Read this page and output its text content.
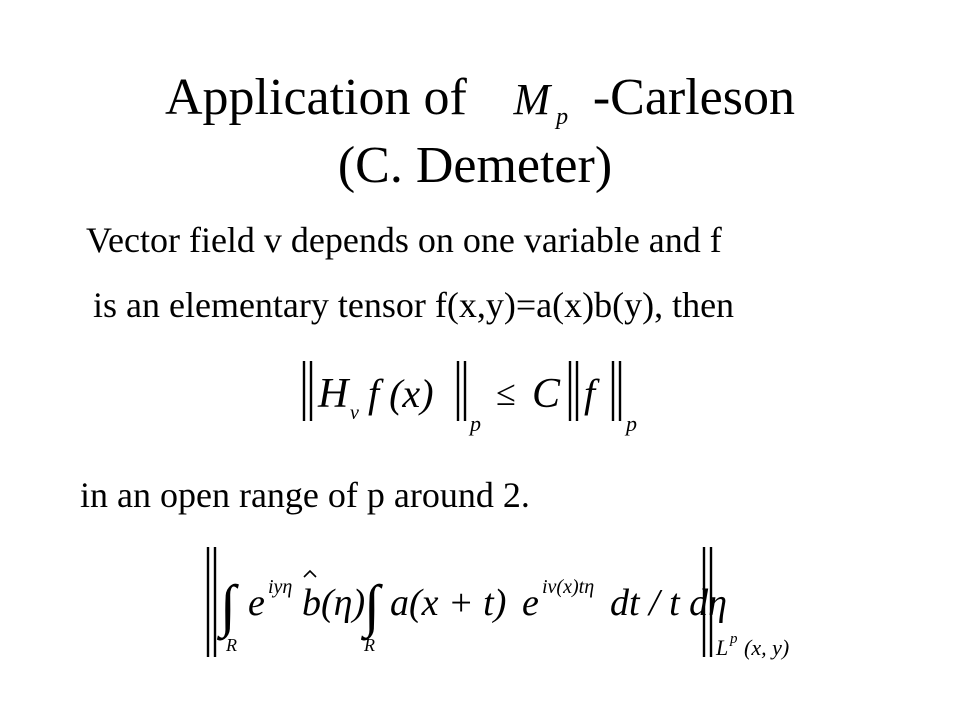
Application of M p -Carleson
(C. Demeter)
Vector field v depends on one variable and f
is an elementary tensor f(x,y)=a(x)b(y), then
H v f (x)
p
≤ C f
p
in an open range of p around 2.
∫
R
e iyη b(η)
∫
R
a(x + t) e iv(x)tη dt / t dη
L p (x, y)
